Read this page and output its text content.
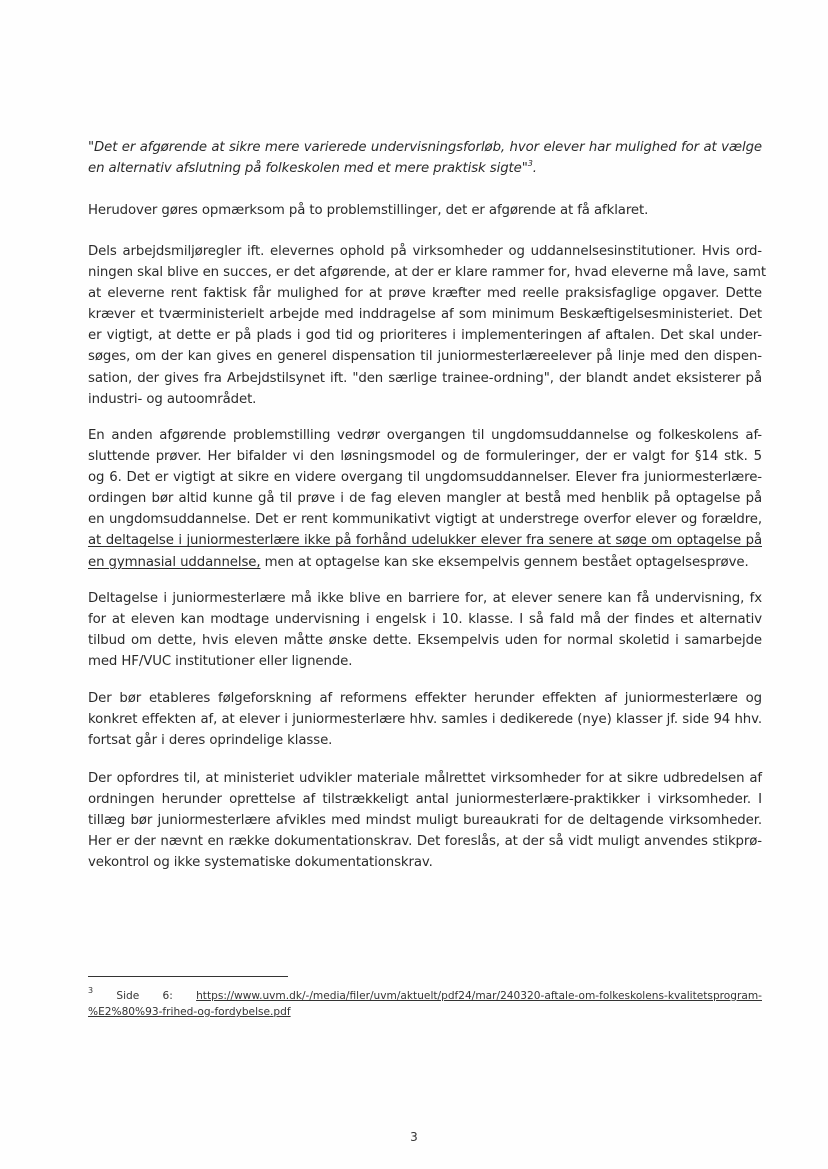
"Det er afgørende at sikre mere varierede undervisningsforløb, hvor elever har mulighed for at vælge
en alternativ afslutning på folkeskolen med et mere praktisk sigte"$^3$.
Herudover gøres opmærksom på to problemstillinger, det er afgørende at få afklaret.
Dels arbejdsmiljøregler ift. elevernes ophold på virksomheder og uddannelsesinstitutioner. Hvis ord-
ningen skal blive en succes, er det afgørende, at der er klare rammer for, hvad eleverne må lave, samt
at eleverne rent faktisk får mulighed for at prøve kræfter med reelle praksisfaglige opgaver. Dette
kræver et tværministerielt arbejde med inddragelse af som minimum Beskæftigelsesministeriet. Det
er vigtigt, at dette er på plads i god tid og prioriteres i implementeringen af aftalen. Det skal under-
søges, om der kan gives en generel dispensation til juniormesterlæreelever på linje med den dispen-
sation, der gives fra Arbejdstilsynet ift. "den særlige trainee-ordning", der blandt andet eksisterer på
industri- og autoområdet.
En anden afgørende problemstilling vedrør overgangen til ungdomsuddannelse og folkeskolens af-
sluttende prøver. Her bifalder vi den løsningsmodel og de formuleringer, der er valgt for §14 stk. 5
og 6. Det er vigtigt at sikre en videre overgang til ungdomsuddannelser. Elever fra juniormesterlære-
ordingen bør altid kunne gå til prøve i de fag eleven mangler at bestå med henblik på optagelse på
en ungdomsuddannelse. Det er rent kommunikativt vigtigt at understrege overfor elever og forældre,
at deltagelse i juniormesterlære ikke på forhånd udelukker elever fra senere at søge om optagelse på
en gymnasial uddannelse, men at optagelse kan ske eksempelvis gennem bestået optagelsesprøve.
Deltagelse i juniormesterlære må ikke blive en barriere for, at elever senere kan få undervisning, fx
for at eleven kan modtage undervisning i engelsk i 10. klasse. I så fald må der findes et alternativ
tilbud om dette, hvis eleven måtte ønske dette. Eksempelvis uden for normal skoletid i samarbejde
med HF/VUC institutioner eller lignende.
Der bør etableres følgeforskning af reformens effekter herunder effekten af juniormesterlære og
konkret effekten af, at elever i juniormesterlære hhv. samles i dedikerede (nye) klasser jf. side 94 hhv.
fortsat går i deres oprindelige klasse.
Der opfordres til, at ministeriet udvikler materiale målrettet virksomheder for at sikre udbredelsen af
ordningen herunder oprettelse af tilstrækkeligt antal juniormesterlære-praktikker i virksomheder. I
tillæg bør juniormesterlære afvikles med mindst muligt bureaukrati for de deltagende virksomheder.
Her er der nævnt en række dokumentationskrav. Det foreslås, at der så vidt muligt anvendes stikprø-
vekontrol og ikke systematiske dokumentationskrav.
$^3$ Side 6: https://www.uvm.dk/-/media/filer/uvm/aktuelt/pdf24/mar/240320-aftale-om-folkeskolens-kvalitetsprogram-
%E2%80%93-frihed-og-fordybelse.pdf
3
